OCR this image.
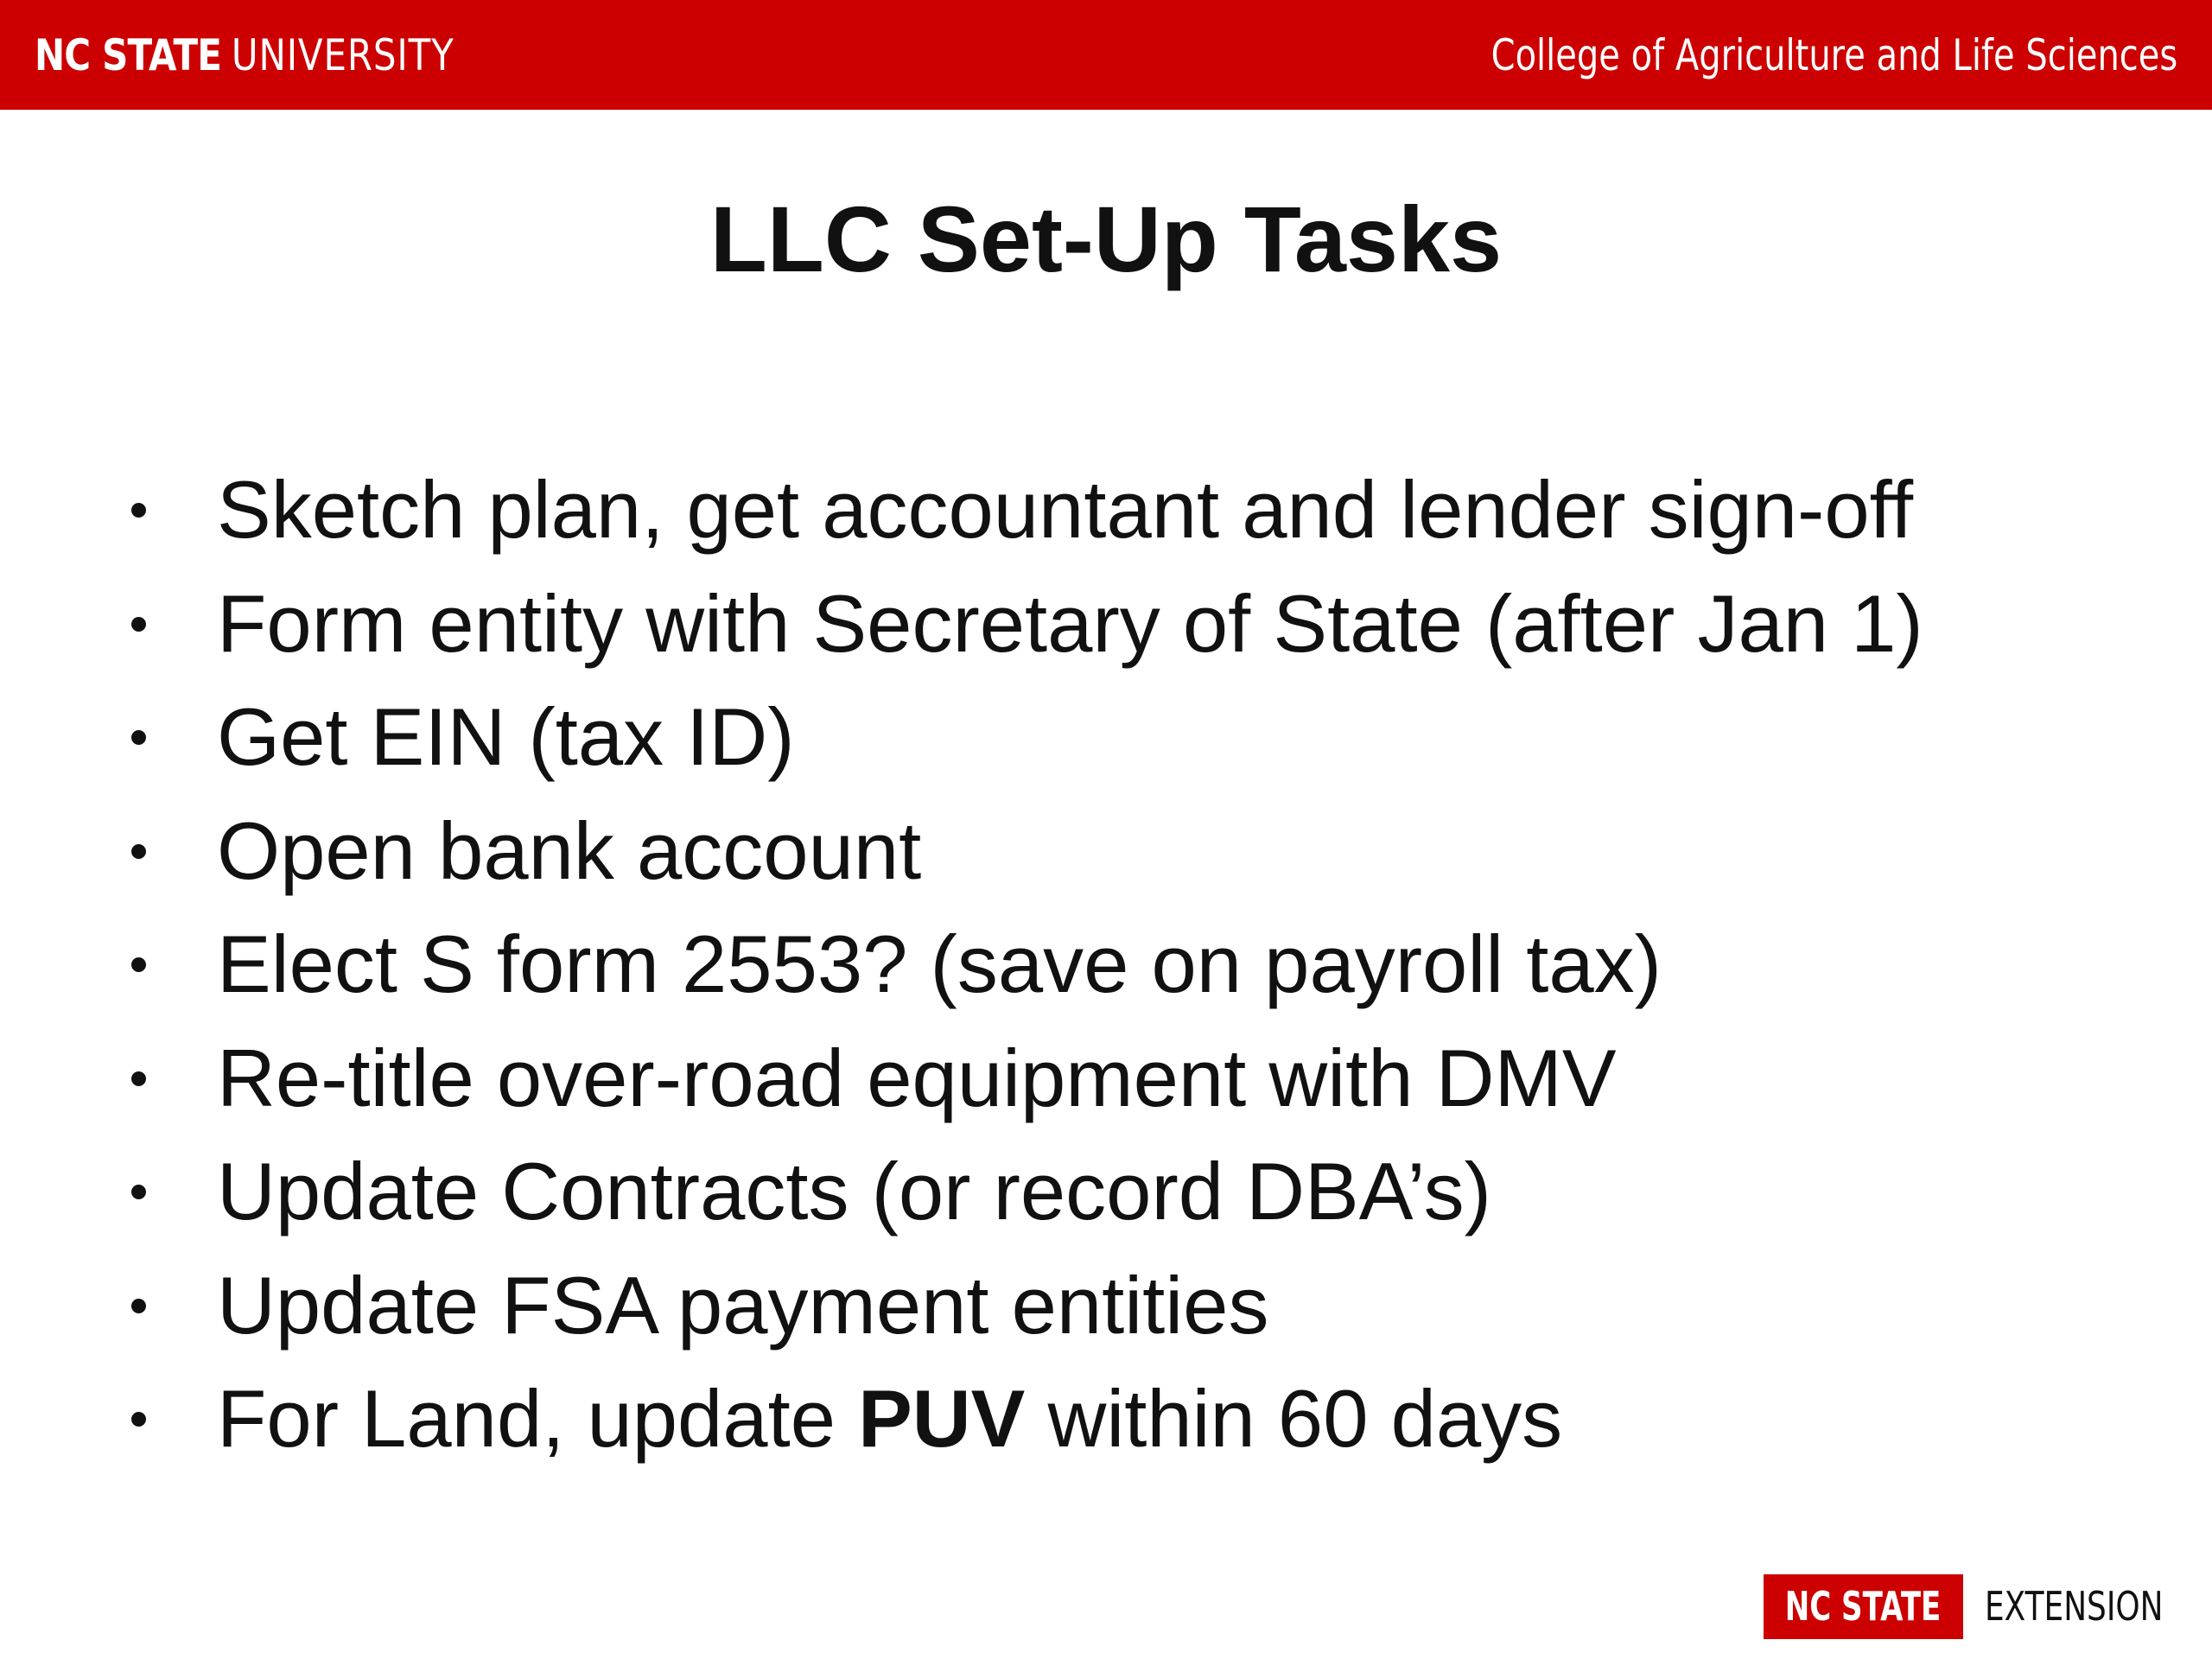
NC STATE UNIVERSITY	College of Agriculture and Life Sciences
LLC Set-Up Tasks
Sketch plan, get accountant and lender sign-off
Form entity with Secretary of State (after Jan 1)
Get EIN (tax ID)
Open bank account
Elect S form 2553? (save on payroll tax)
Re-title over-road equipment with DMV
Update Contracts (or record DBA’s)
Update FSA payment entities
For Land, update PUV within 60 days
NC STATE EXTENSION
